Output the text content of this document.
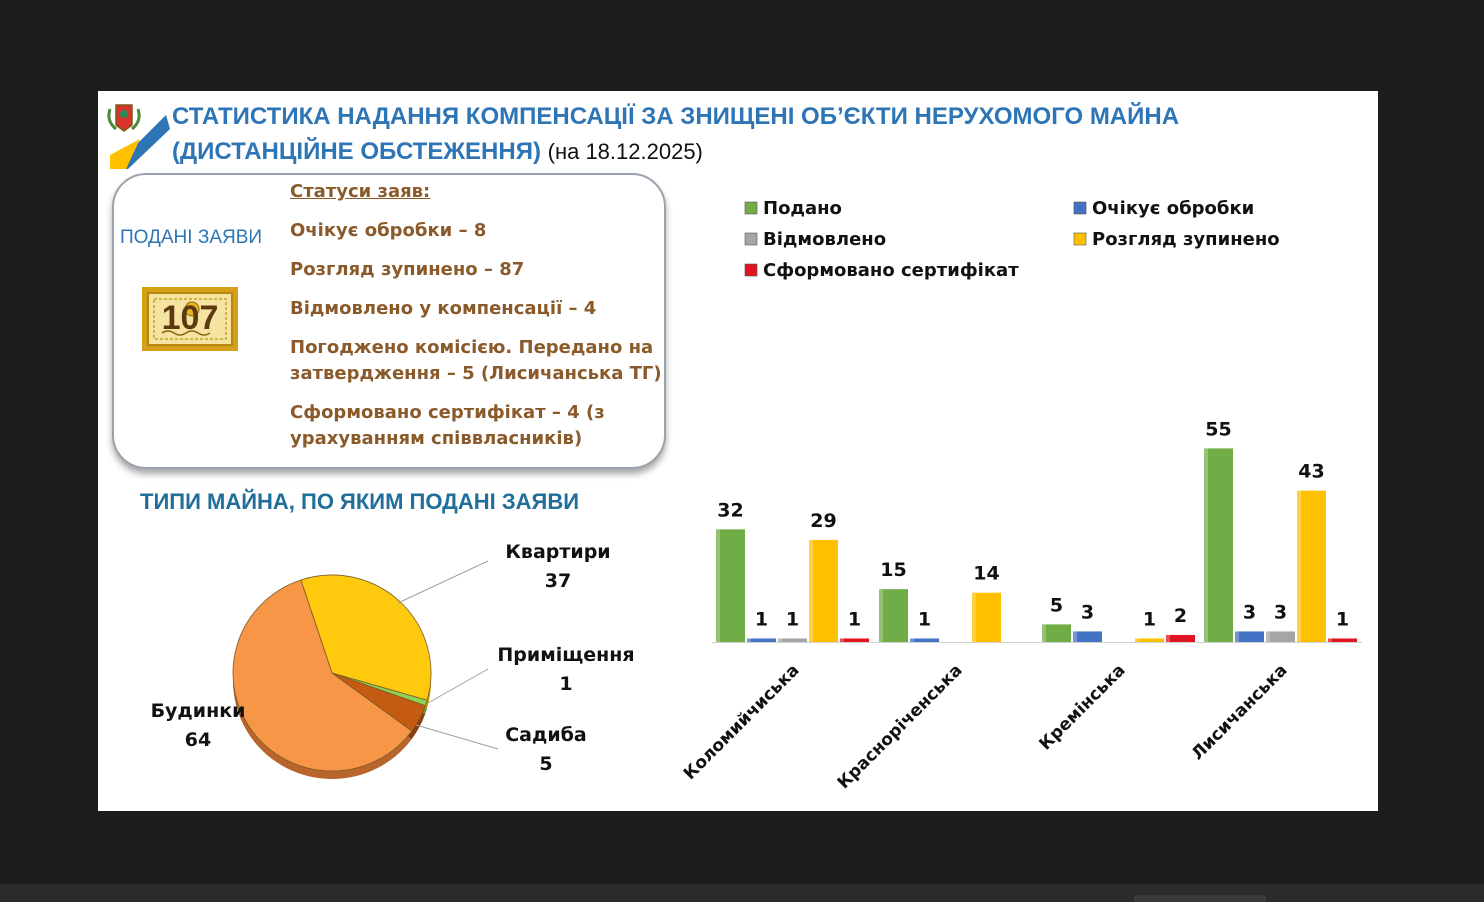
СТАТИСТИКА НАДАННЯ КОМПЕНСАЦІЇ ЗА ЗНИЩЕНІ ОБ’ЄКТИ НЕРУХОМОГО МАЙНА
(ДИСТАНЦІЙНЕ ОБСТЕЖЕННЯ) (на 18.12.2025)
ПОДАНІ ЗАЯВИ
107
Статуси заяв:
Очікує обробки – 8
Розгляд зупинено – 87
Відмовлено у компенсації – 4
Погоджено комісією. Передано на затвердження – 5 (Лисичанська ТГ)
Сформовано сертифікат – 4 (з урахуванням співвласників)
ТИПИ МАЙНА, ПО ЯКИМ ПОДАНІ ЗАЯВИ
Квартири
37
Приміщення
1
Садиба
5
Будинки
64
Подано	Очікує обробки
Відмовлено	Розгляд зупинено
Сформовано сертифікат
32
1 1
29
1
Коломийчиська
15
1
14
Красноріченська
5 3	1 2
Кремінська
55
3 3
43
1
Лисичанська
